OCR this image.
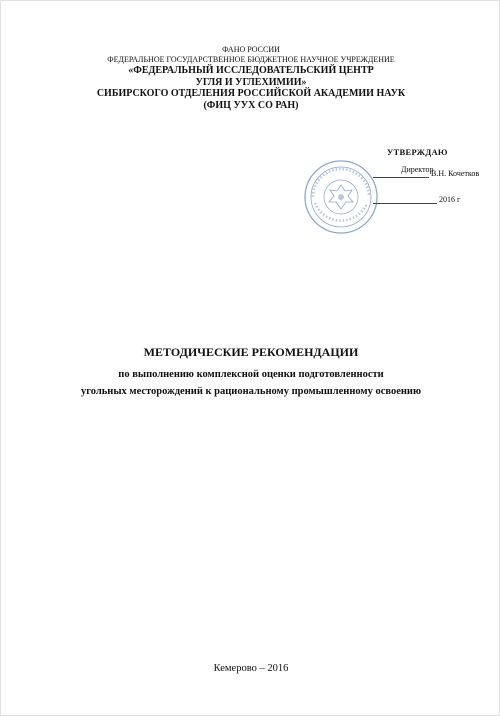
ФАНО РОССИИ
ФЕДЕРАЛЬНОЕ ГОСУДАРСТВЕННОЕ БЮДЖЕТНОЕ НАУЧНОЕ УЧРЕЖДЕНИЕ
«ФЕДЕРАЛЬНЫЙ ИССЛЕДОВАТЕЛЬСКИЙ ЦЕНТР
УГЛЯ И УГЛЕХИМИИ»
СИБИРСКОГО ОТДЕЛЕНИЯ РОССИЙСКОЙ АКАДЕМИИ НАУК
(ФИЦ УУХ СО РАН)
УТВЕРЖДАЮ
Директор
В.Н. Кочетков
2016 г
МЕТОДИЧЕСКИЕ РЕКОМЕНДАЦИИ
по выполнению комплексной оценки подготовленности
угольных месторождений к рациональному промышленному освоению
Кемерово – 2016
